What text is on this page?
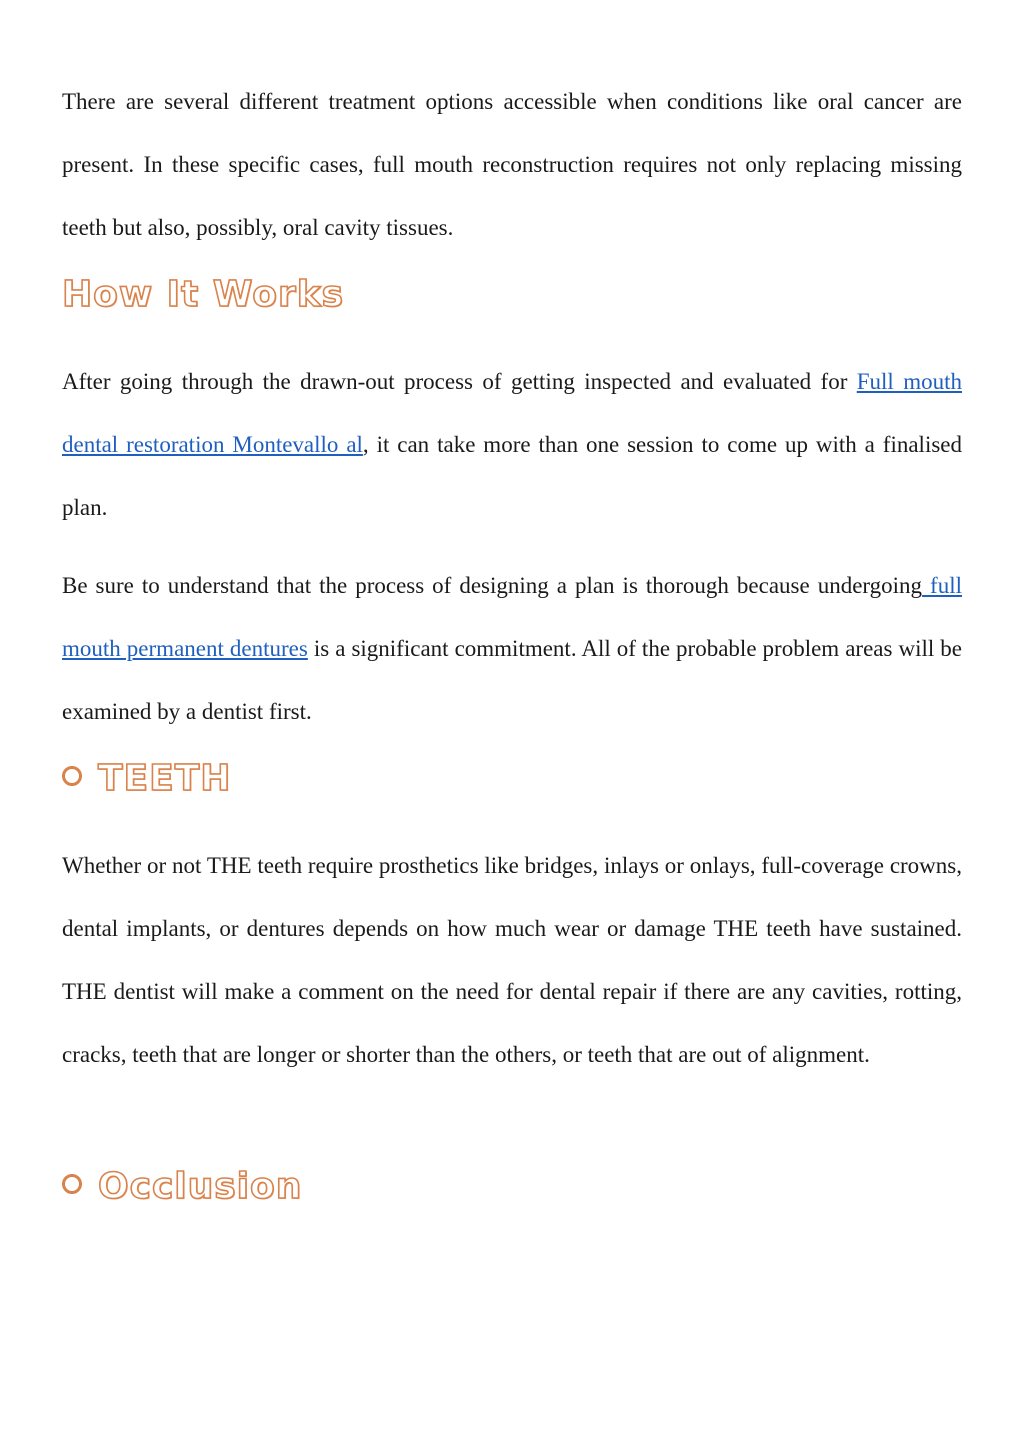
There are several different treatment options accessible when conditions like oral cancer are present. In these specific cases, full mouth reconstruction requires not only replacing missing teeth but also, possibly, oral cavity tissues.

How It Works

After going through the drawn-out process of getting inspected and evaluated for Full mouth dental restoration Montevallo al, it can take more than one session to come up with a finalised plan.

Be sure to understand that the process of designing a plan is thorough because undergoing full mouth permanent dentures is a significant commitment. All of the probable problem areas will be examined by a dentist first.

TEETH

Whether or not THE teeth require prosthetics like bridges, inlays or onlays, full-coverage crowns, dental implants, or dentures depends on how much wear or damage THE teeth have sustained. THE dentist will make a comment on the need for dental repair if there are any cavities, rotting, cracks, teeth that are longer or shorter than the others, or teeth that are out of alignment.

Occlusion
